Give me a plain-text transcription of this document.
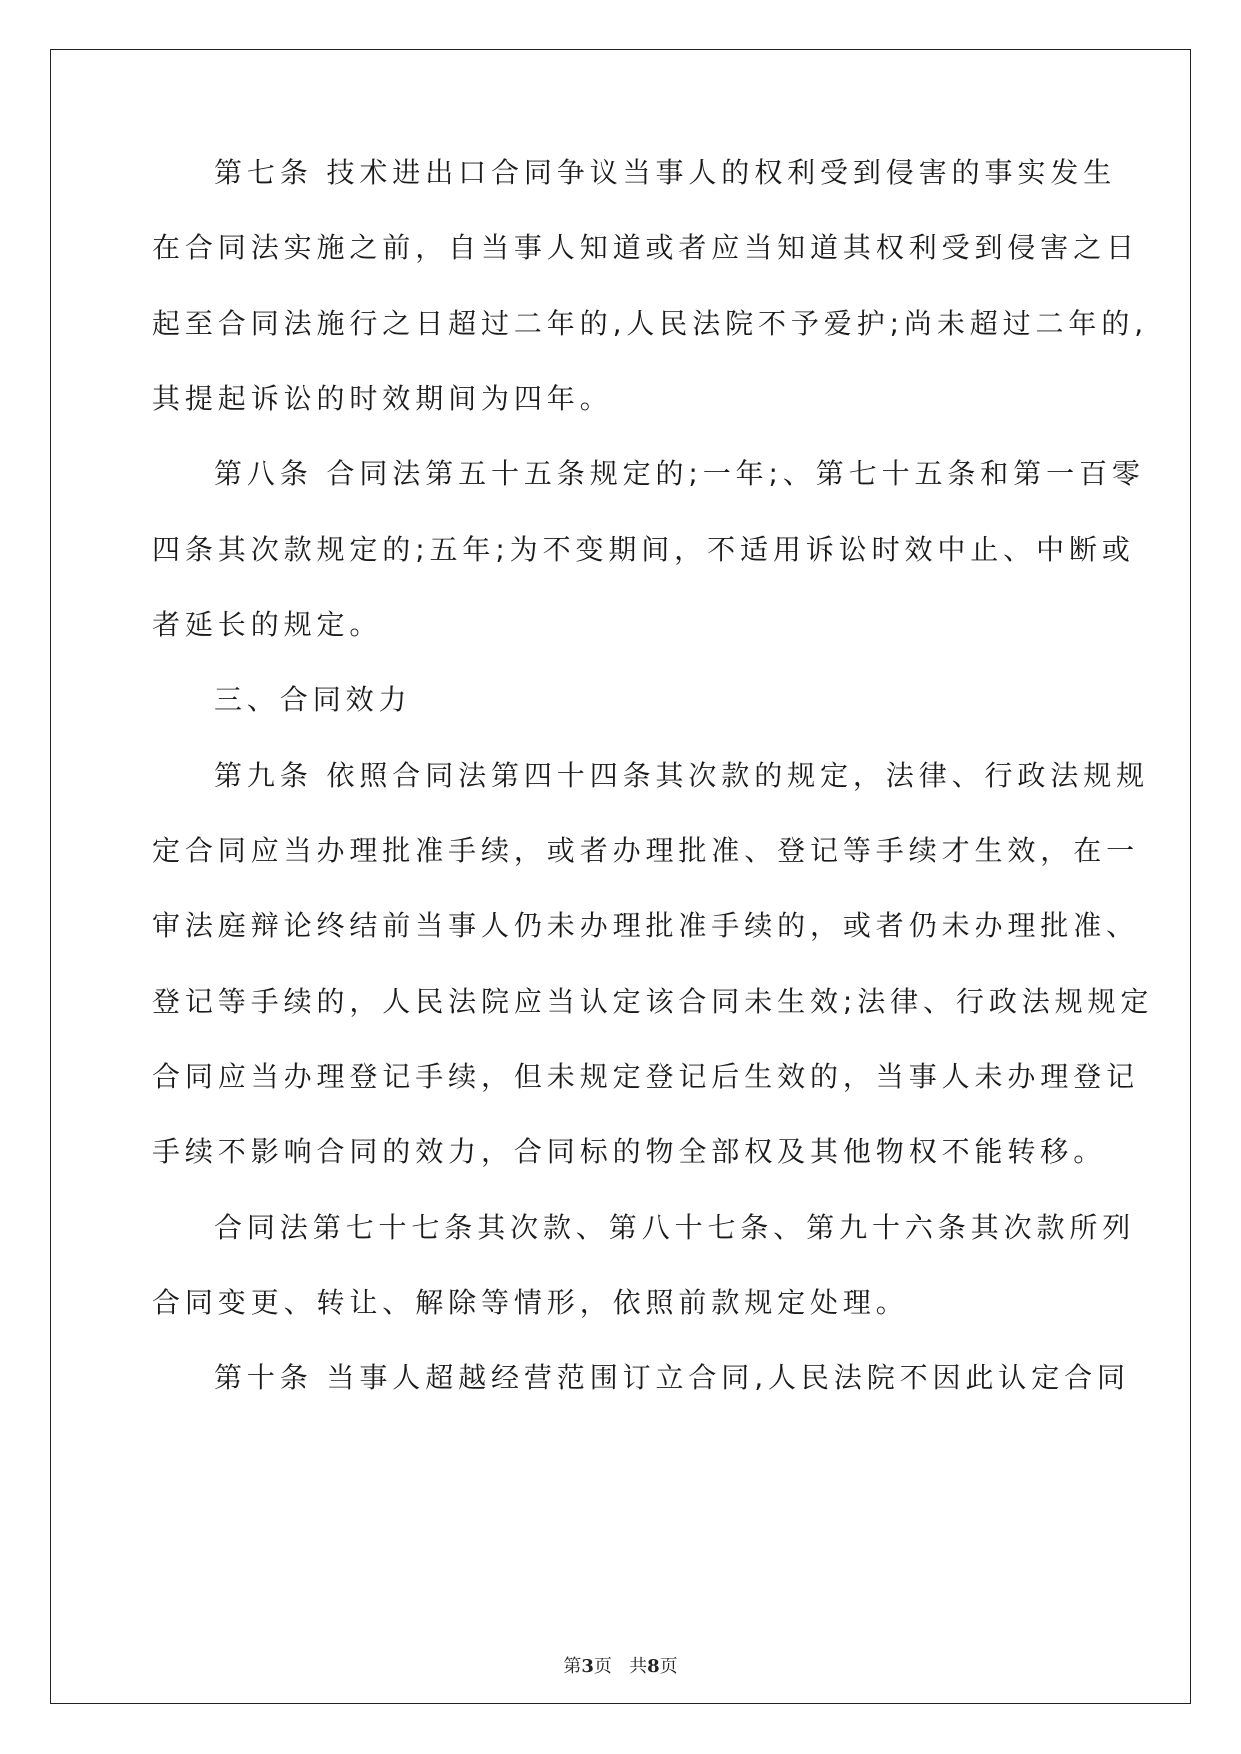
第七条 技术进出口合同争议当事人的权利受到侵害的事实发生
在合同法实施之前，自当事人知道或者应当知道其权利受到侵害之日
起至合同法施行之日超过二年的,人民法院不予爱护;尚未超过二年的,
其提起诉讼的时效期间为四年。
第八条 合同法第五十五条规定的;一年;、第七十五条和第一百零
四条其次款规定的;五年;为不变期间，不适用诉讼时效中止、中断或
者延长的规定。
三、合同效力
第九条 依照合同法第四十四条其次款的规定，法律、行政法规规
定合同应当办理批准手续，或者办理批准、登记等手续才生效，在一
审法庭辩论终结前当事人仍未办理批准手续的，或者仍未办理批准、
登记等手续的，人民法院应当认定该合同未生效;法律、行政法规规定
合同应当办理登记手续，但未规定登记后生效的，当事人未办理登记
手续不影响合同的效力，合同标的物全部权及其他物权不能转移。
合同法第七十七条其次款、第八十七条、第九十六条其次款所列
合同变更、转让、解除等情形，依照前款规定处理。
第十条 当事人超越经营范围订立合同,人民法院不因此认定合同
第3页 共8页
